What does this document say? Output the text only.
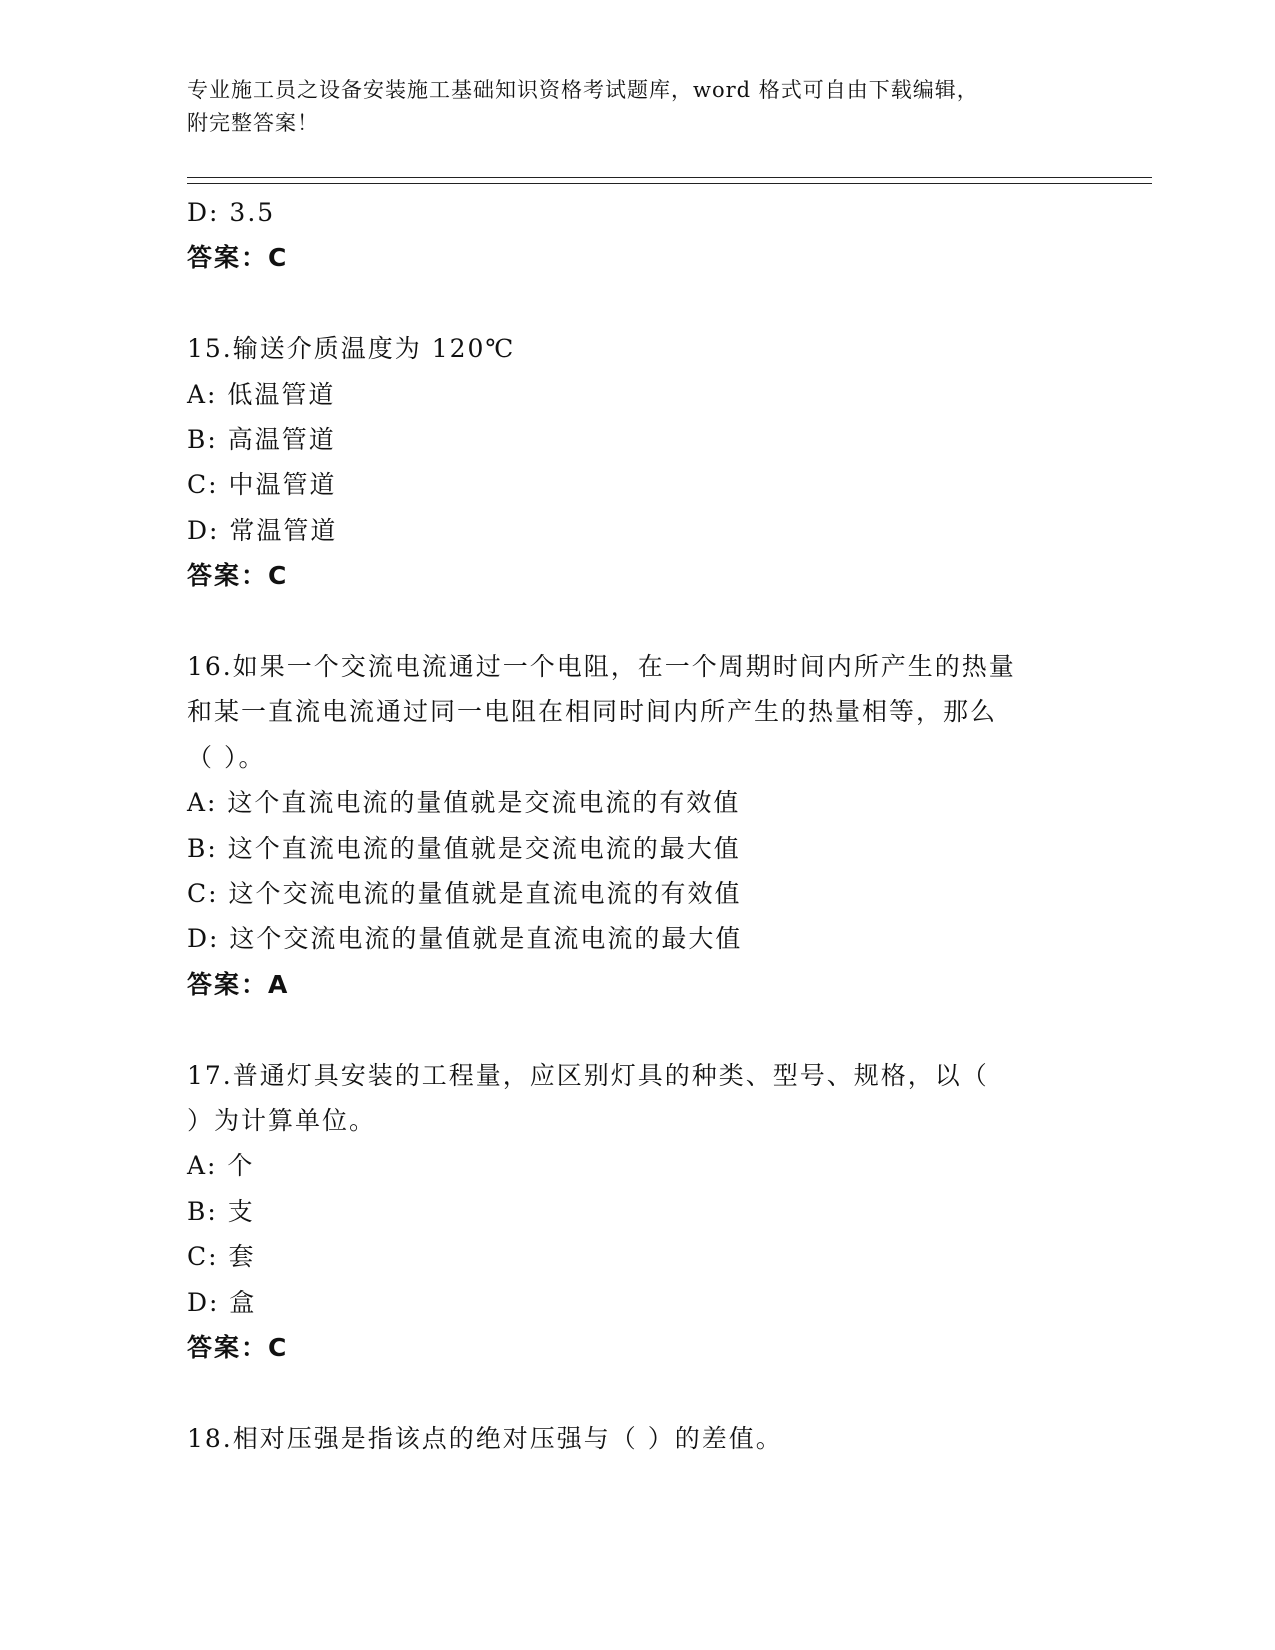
专业施工员之设备安装施工基础知识资格考试题库，word 格式可自由下载编辑，
附完整答案！
D: 3.5
答案：C
15.输送介质温度为 120℃
A: 低温管道
B: 高温管道
C: 中温管道
D: 常温管道
答案：C
16.如果一个交流电流通过一个电阻，在一个周期时间内所产生的热量
和某一直流电流通过同一电阻在相同时间内所产生的热量相等，那么
（ ）。
A: 这个直流电流的量值就是交流电流的有效值
B: 这个直流电流的量值就是交流电流的最大值
C: 这个交流电流的量值就是直流电流的有效值
D: 这个交流电流的量值就是直流电流的最大值
答案：A
17.普通灯具安装的工程量，应区别灯具的种类、型号、规格，以（
）为计算单位。
A: 个
B: 支
C: 套
D: 盒
答案：C
18.相对压强是指该点的绝对压强与（ ）的差值。
